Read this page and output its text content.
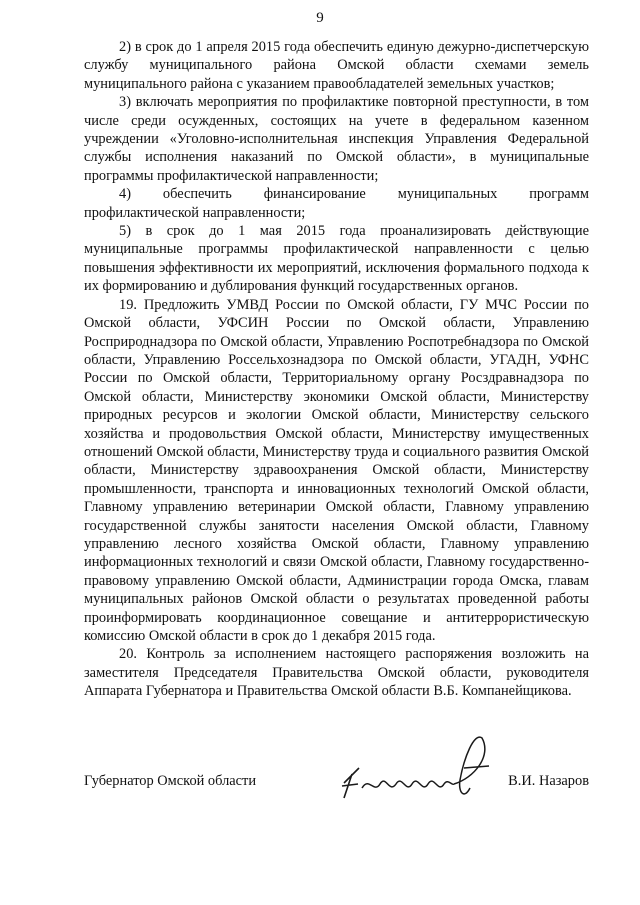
9

2) в срок до 1 апреля 2015 года обеспечить единую дежурно-диспетчерскую службу муниципального района Омской области схемами земель муниципального района с указанием правообладателей земельных участков;

3) включать мероприятия по профилактике повторной преступности, в том числе среди осужденных, состоящих на учете в федеральном казенном учреждении «Уголовно-исполнительная инспекция Управления Федеральной службы исполнения наказаний по Омской области», в муниципальные программы профилактической направленности;

4) обеспечить финансирование муниципальных программ

профилактической направленности;

5) в срок до 1 мая 2015 года проанализировать действующие муниципальные программы профилактической направленности с целью повышения эффективности их мероприятий, исключения формального подхода к их формированию и дублирования функций государственных органов.

19. Предложить УМВД России по Омской области, ГУ МЧС России по Омской области, УФСИН России по Омской области, Управлению Росприроднадзора по Омской области, Управлению Роспотребнадзора по Омской области, Управлению Россельхознадзора по Омской области, УГАДН, УФНС России по Омской области, Территориальному органу Росздравнадзора по Омской области, Министерству экономики Омской области, Министерству природных ресурсов и экологии Омской области, Министерству сельского хозяйства и продовольствия Омской области, Министерству имущественных отношений Омской области, Министерству труда и социального развития Омской области, Министерству здравоохранения Омской области, Министерству промышленности, транспорта и инновационных технологий Омской области, Главному управлению ветеринарии Омской области, Главному управлению государственной службы занятости населения Омской области, Главному управлению лесного хозяйства Омской области, Главному управлению информационных технологий и связи Омской области, Главному государственно-правовому управлению Омской области, Администрации города Омска, главам муниципальных районов Омской области о результатах проведенной работы проинформировать координационное совещание и антитеррористическую комиссию Омской области в срок до 1 декабря 2015 года.

20. Контроль за исполнением настоящего распоряжения возложить на заместителя Председателя Правительства Омской области, руководителя Аппарата Губернатора и Правительства Омской области В.Б. Компанейщикова.

Губернатор Омской области	В.И. Назаров
